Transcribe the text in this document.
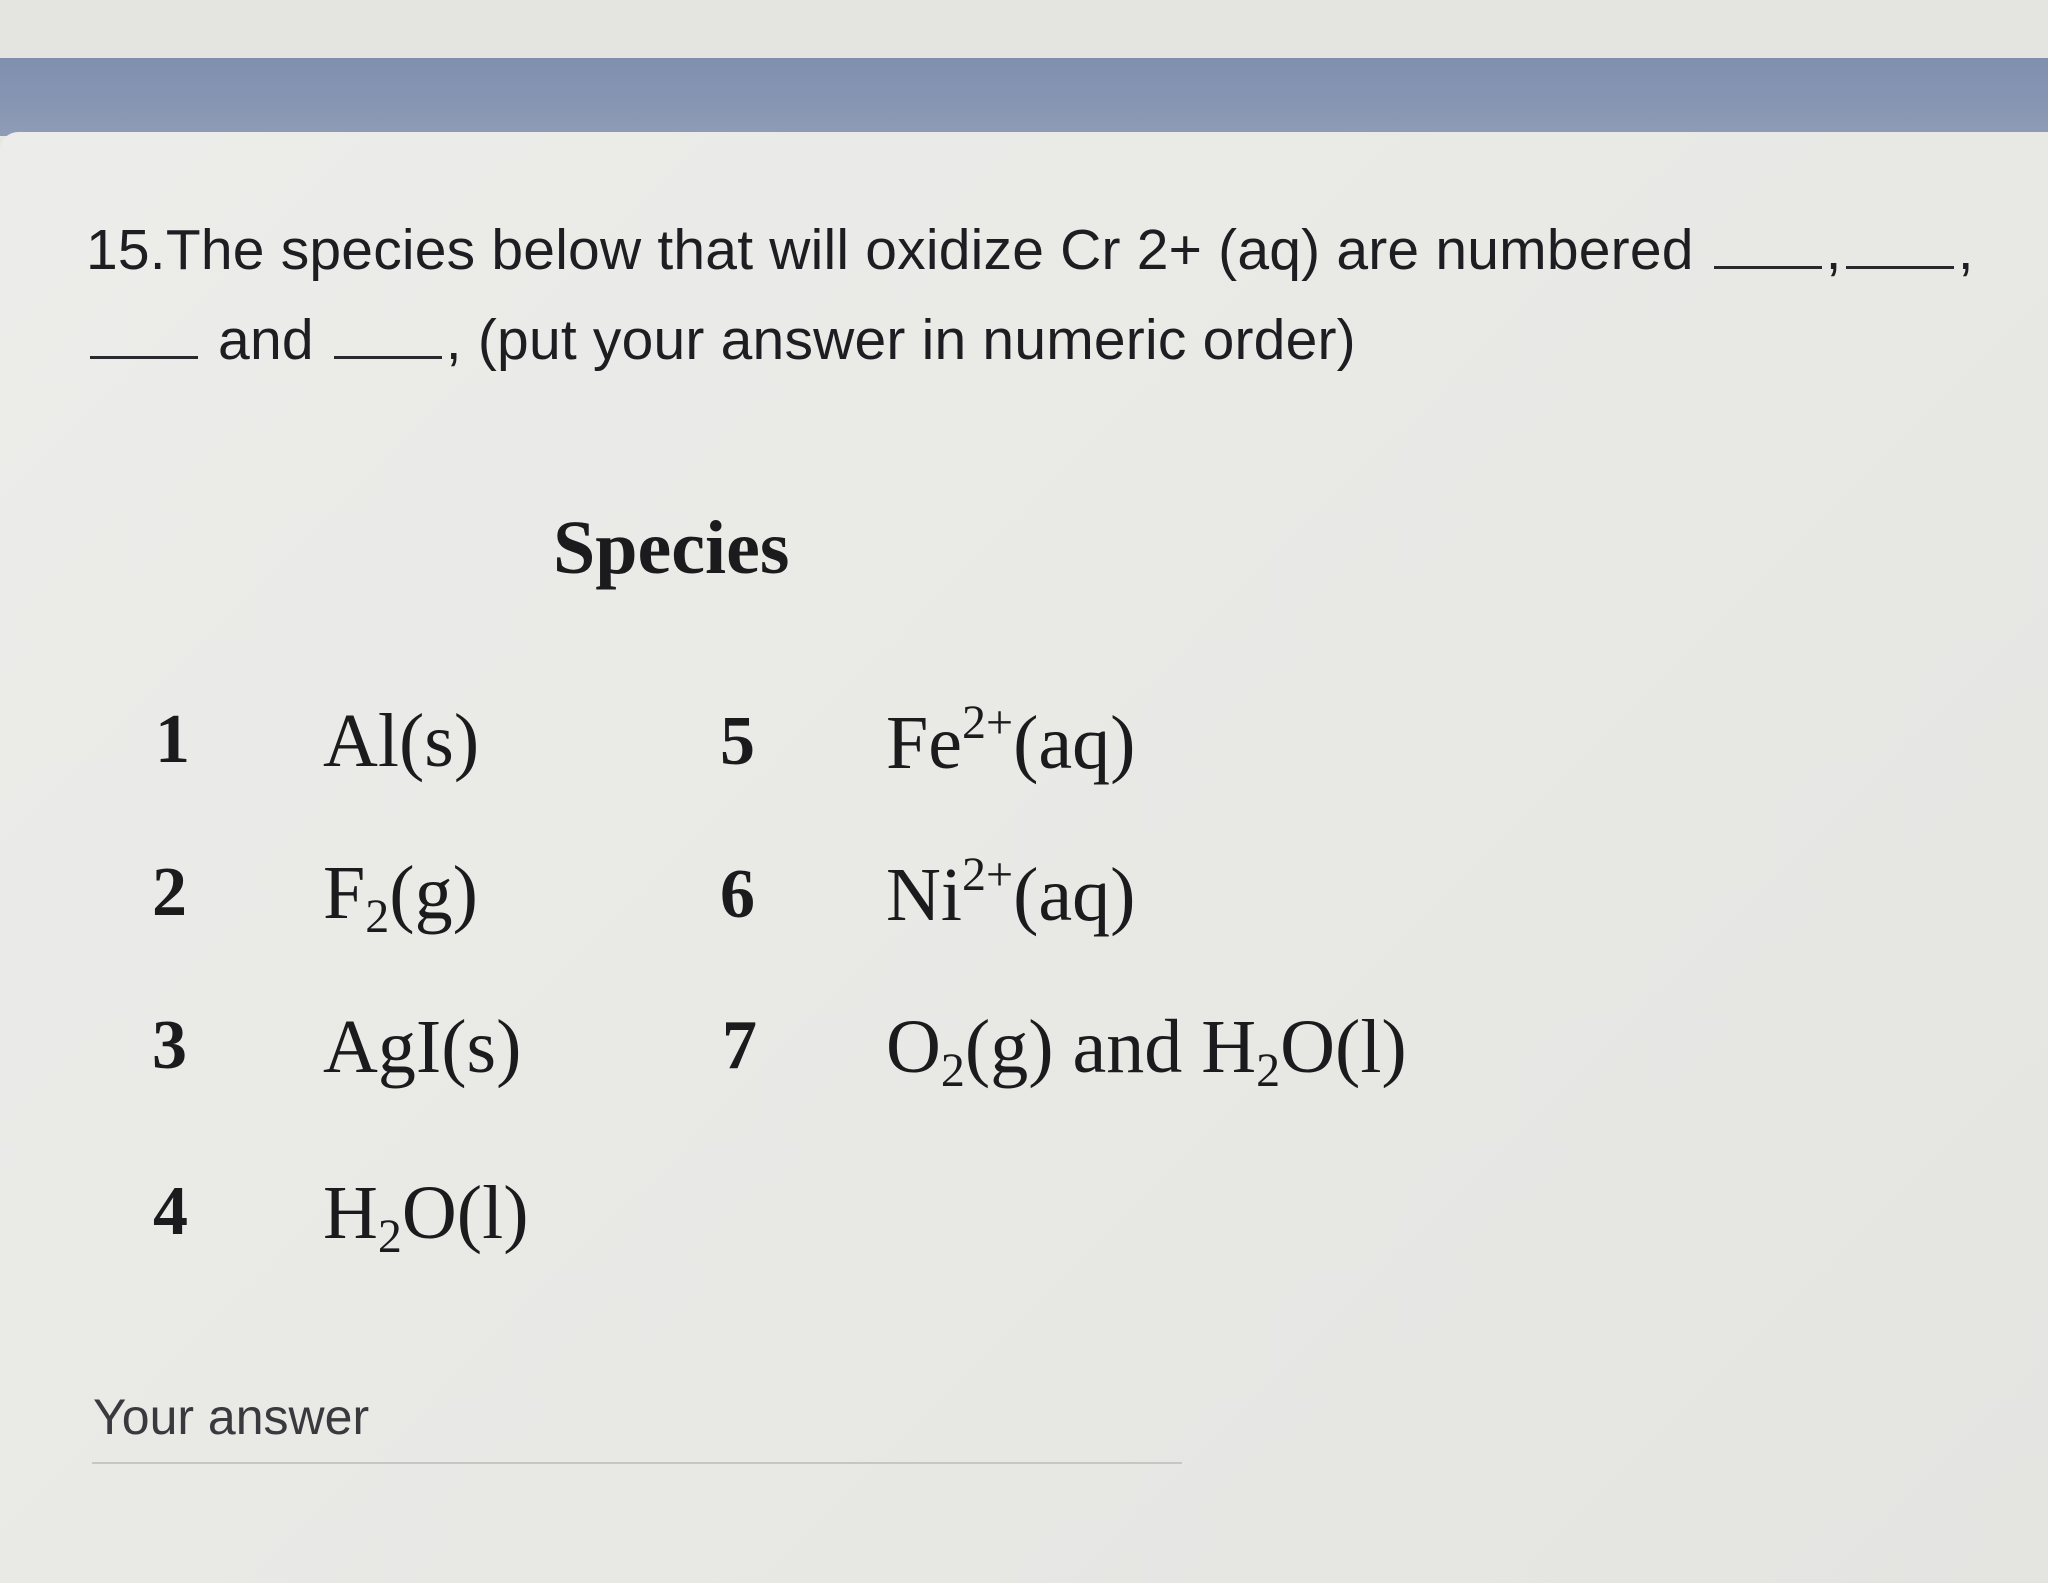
15.The species below that will oxidize Cr 2+ (aq) are numbered , ,
and , (put your answer in numeric order)
Species
1 Al(s)
2 $F_2(g)$
3 AgI(s)
4 $H_2O(l)$
5 $Fe^{2+}(aq)$
6 $Ni^{2+}(aq)$
7 $O_2(g)$ and $H_2O(l)$
Your answer
